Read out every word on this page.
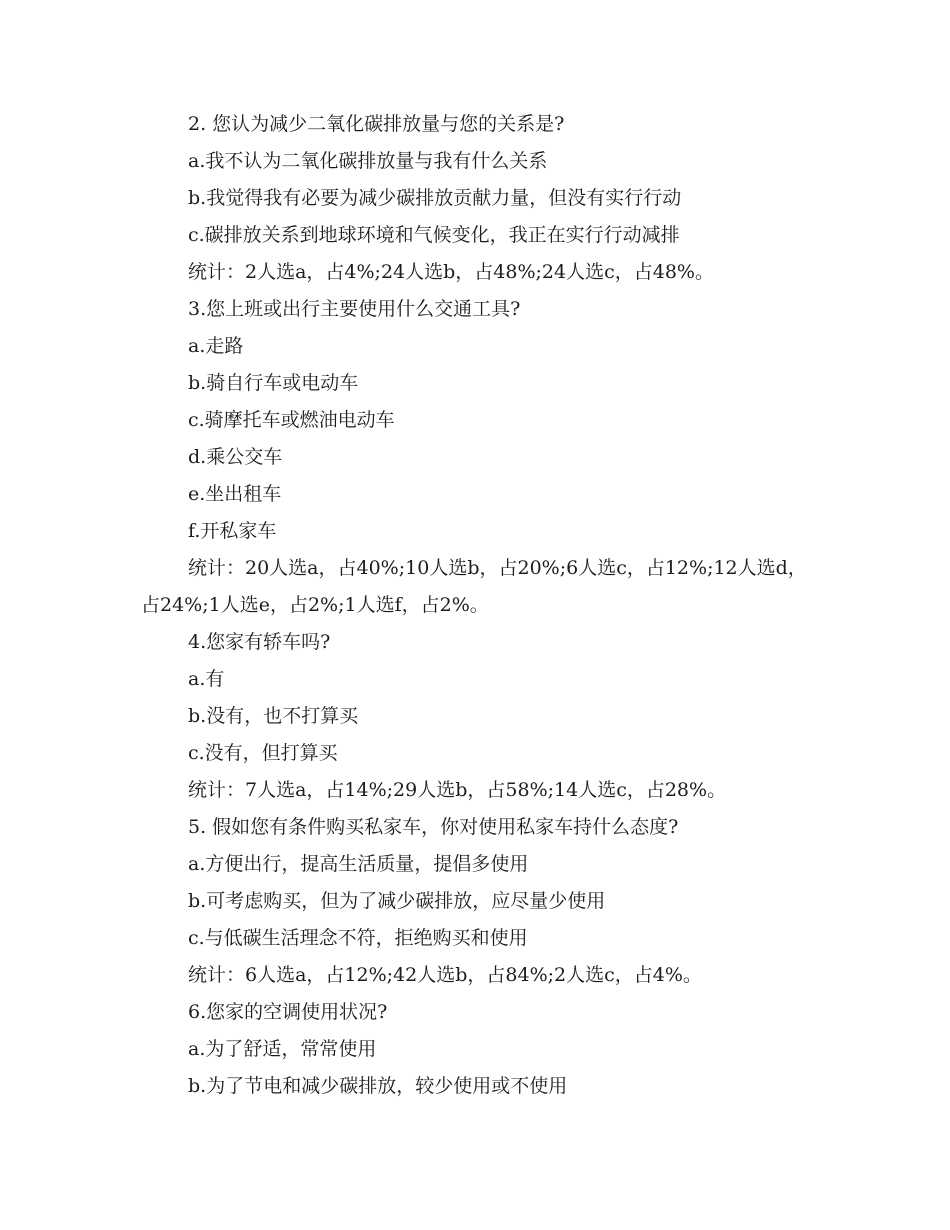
2. 您认为减少二氧化碳排放量与您的关系是?

a.我不认为二氧化碳排放量与我有什么关系

b.我觉得我有必要为减少碳排放贡献力量，但没有实行行动

c.碳排放关系到地球环境和气候变化，我正在实行行动减排

统计：2人选a，占4%;24人选b，占48%;24人选c，占48%。

3.您上班或出行主要使用什么交通工具?

a.走路

b.骑自行车或电动车

c.骑摩托车或燃油电动车

d.乘公交车

e.坐出租车

f.开私家车

统计：20人选a，占40%;10人选b，占20%;6人选c，占12%;12人选d，占24%;1人选e，占2%;1人选f，占2%。

4.您家有轿车吗?

a.有

b.没有，也不打算买

c.没有，但打算买

统计：7人选a，占14%;29人选b，占58%;14人选c，占28%。

5. 假如您有条件购买私家车，你对使用私家车持什么态度?

a.方便出行，提高生活质量，提倡多使用

b.可考虑购买，但为了减少碳排放，应尽量少使用

c.与低碳生活理念不符，拒绝购买和使用

统计：6人选a，占12%;42人选b，占84%;2人选c，占4%。

6.您家的空调使用状况?

a.为了舒适，常常使用

b.为了节电和减少碳排放，较少使用或不使用
